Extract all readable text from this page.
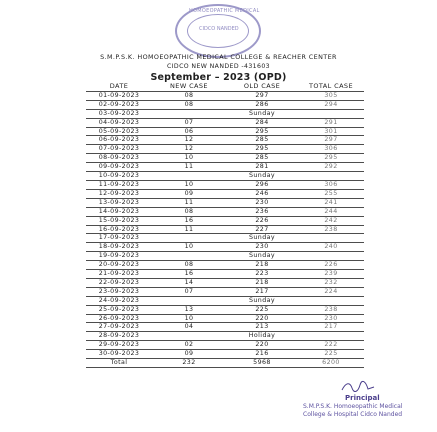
HOMOEOPATHIC MEDICAL
CIDCO NANDED
S.M.P.S.K. HOMOEOPATHIC MEDICAL COLLEGE & REACHER CENTER
CIDCO NEW NANDED -431603
September – 2023 (OPD)
DATE	NEW CASE	OLD CASE	TOTAL CASE
01-09-2023	08	297	305
02-09-2023	08	286	294
03-09-2023		Sunday	
04-09-2023	07	284	291
05-09-2023	06	295	301
06-09-2023	12	285	297
07-09-2023	12	295	306
08-09-2023	10	285	295
09-09-2023	11	281	292
10-09-2023		Sunday	
11-09-2023	10	296	306
12-09-2023	09	246	255
13-09-2023	11	230	241
14-09-2023	08	236	244
15-09-2023	16	226	242
16-09-2023	11	227	238
17-09-2023		Sunday	
18-09-2023	10	230	240
19-09-2023		Sunday	
20-09-2023	08	218	226
21-09-2023	16	223	239
22-09-2023	14	218	232
23-09-2023	07	217	224
24-09-2023		Sunday	
25-09-2023	13	225	238
26-09-2023	10	220	230
27-09-2023	04	213	217
28-09-2023		Holiday	
29-09-2023	02	220	222
30-09-2023	09	216	225
Total	232	5968	6200
Principal
S.M.P.S.K. Homoeopathic Medical
College & Hospital Cidco Nanded
